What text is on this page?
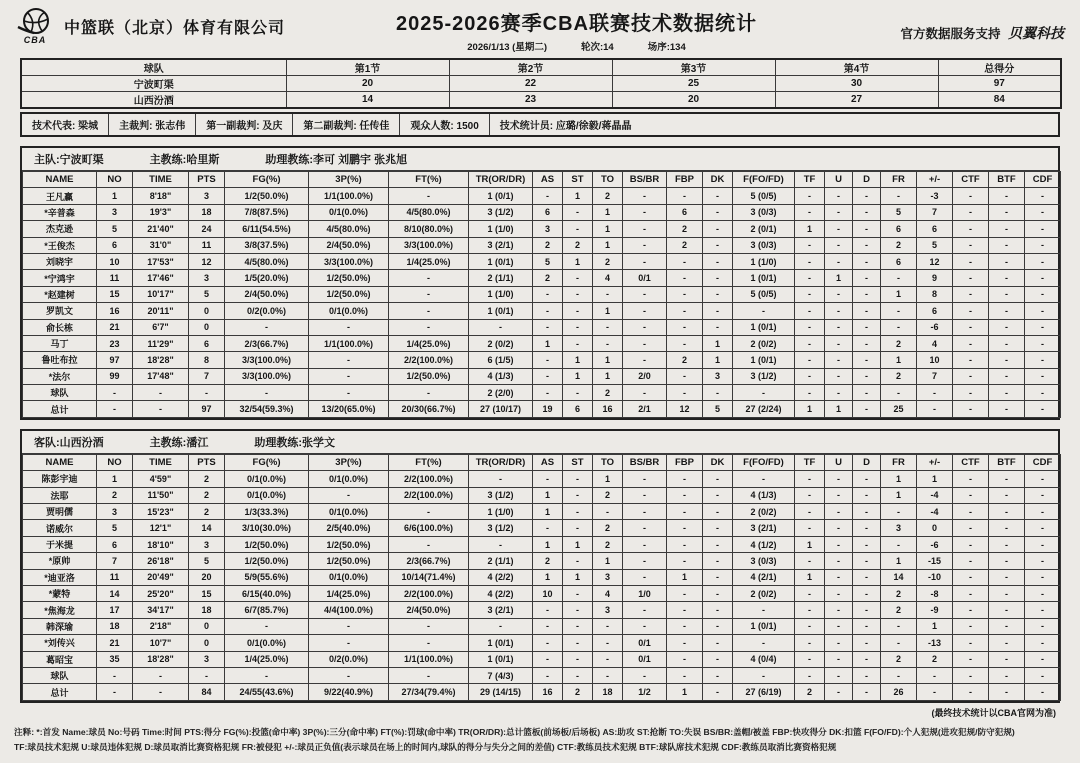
CBA
中篮联（北京）体育有限公司	2025-2026赛季CBA联赛技术数据统计
2026/1/13 (星期二)	轮次:14	场序:134
官方数据服务支持 贝翼科技
球队	第1节	第2节	第3节	第4节	总得分
宁波町渠	20	22	25	30	97
山西汾酒	14	23	20	27	84
技术代表: 梁城	主裁判: 张志伟	第一副裁判: 及庆	第二副裁判: 任传佳	观众人数: 1500	技术统计员: 应璐/徐毅/蒋晶晶
主队:宁波町渠	主教练:哈里斯	助理教练:李可 刘鹏宇 张兆旭
NAME	NO	TIME	PTS	FG(%)	3P(%)	FT(%)	TR(OR/DR)	AS	ST	TO	BS/BR	FBP	DK	F(FO/FD)	TF	U	D	FR	+/-	CTF	BTF	CDF
王凡赢	1	8'18"	3	1/2(50.0%)	1/1(100.0%)	-	1 (0/1)	-	1	2	-	-	-	5 (0/5)	-	-	-	-	-3	-	-	-
*辛普森	3	19'3"	18	7/8(87.5%)	0/1(0.0%)	4/5(80.0%)	3 (1/2)	6	-	1	-	6	-	3 (0/3)	-	-	-	5	7	-	-	-
杰克逊	5	21'40"	24	6/11(54.5%)	4/5(80.0%)	8/10(80.0%)	1 (1/0)	3	-	1	-	2	-	2 (0/1)	1	-	-	6	6	-	-	-
*王俊杰	6	31'0"	11	3/8(37.5%)	2/4(50.0%)	3/3(100.0%)	3 (2/1)	2	2	1	-	2	-	3 (0/3)	-	-	-	2	5	-	-	-
刘晓宇	10	17'53"	12	4/5(80.0%)	3/3(100.0%)	1/4(25.0%)	1 (0/1)	5	1	2	-	-	-	1 (1/0)	-	-	-	6	12	-	-	-
*宁鸿宇	11	17'46"	3	1/5(20.0%)	1/2(50.0%)	-	2 (1/1)	2	-	4	0/1	-	-	1 (0/1)	-	1	-	-	9	-	-	-
*赵建树	15	10'17"	5	2/4(50.0%)	1/2(50.0%)	-	1 (1/0)	-	-	-	-	-	-	5 (0/5)	-	-	-	1	8	-	-	-
罗凯文	16	20'11"	0	0/2(0.0%)	0/1(0.0%)	-	1 (0/1)	-	-	1	-	-	-	-	-	-	-	-	6	-	-	-
俞长栋	21	6'7"	0	-	-	-	-	-	-	-	-	-	-	1 (0/1)	-	-	-	-	-6	-	-	-
马丁	23	11'29"	6	2/3(66.7%)	1/1(100.0%)	1/4(25.0%)	2 (0/2)	1	-	-	-	-	1	2 (0/2)	-	-	-	2	4	-	-	-
鲁吐布拉	97	18'28"	8	3/3(100.0%)	-	2/2(100.0%)	6 (1/5)	-	1	1	-	2	1	1 (0/1)	-	-	-	1	10	-	-	-
*法尔	99	17'48"	7	3/3(100.0%)	-	1/2(50.0%)	4 (1/3)	-	1	1	2/0	-	3	3 (1/2)	-	-	-	2	7	-	-	-
球队	-	-	-	-	-	-	2 (2/0)	-	-	2	-	-	-	-	-	-	-	-	-	-	-	-
总计	-	-	97	32/54(59.3%)	13/20(65.0%)	20/30(66.7%)	27 (10/17)	19	6	16	2/1	12	5	27 (2/24)	1	1	-	25	-	-	-	-
客队:山西汾酒	主教练:潘江	助理教练:张学文
NAME	NO	TIME	PTS	FG(%)	3P(%)	FT(%)	TR(OR/DR)	AS	ST	TO	BS/BR	FBP	DK	F(FO/FD)	TF	U	D	FR	+/-	CTF	BTF	CDF
陈彭宇迪	1	4'59"	2	0/1(0.0%)	0/1(0.0%)	2/2(100.0%)	-	-	-	1	-	-	-	-	-	-	-	1	1	-	-	-
法耶	2	11'50"	2	0/1(0.0%)	-	2/2(100.0%)	3 (1/2)	1	-	2	-	-	-	4 (1/3)	-	-	-	1	-4	-	-	-
贾明儒	3	15'23"	2	1/3(33.3%)	0/1(0.0%)	-	1 (1/0)	1	-	-	-	-	-	2 (0/2)	-	-	-	-	-4	-	-	-
诺威尔	5	12'1"	14	3/10(30.0%)	2/5(40.0%)	6/6(100.0%)	3 (1/2)	-	-	2	-	-	-	3 (2/1)	-	-	-	3	0	-	-	-
于米提	6	18'10"	3	1/2(50.0%)	1/2(50.0%)	-	-	1	1	2	-	-	-	4 (1/2)	1	-	-	-	-6	-	-	-
*原帅	7	26'18"	5	1/2(50.0%)	1/2(50.0%)	2/3(66.7%)	2 (1/1)	2	-	1	-	-	-	3 (0/3)	-	-	-	1	-15	-	-	-
*迪亚洛	11	20'49"	20	5/9(55.6%)	0/1(0.0%)	10/14(71.4%)	4 (2/2)	1	1	3	-	1	-	4 (2/1)	1	-	-	14	-10	-	-	-
*蒙特	14	25'20"	15	6/15(40.0%)	1/4(25.0%)	2/2(100.0%)	4 (2/2)	10	-	4	1/0	-	-	2 (0/2)	-	-	-	2	-8	-	-	-
*焦海龙	17	34'17"	18	6/7(85.7%)	4/4(100.0%)	2/4(50.0%)	3 (2/1)	-	-	3	-	-	-	-	-	-	-	2	-9	-	-	-
韩深瑜	18	2'18"	0	-	-	-	-	-	-	-	-	-	-	1 (0/1)	-	-	-	-	1	-	-	-
*刘传兴	21	10'7"	0	0/1(0.0%)	-	-	1 (0/1)	-	-	-	0/1	-	-	-	-	-	-	-	-13	-	-	-
葛昭宝	35	18'28"	3	1/4(25.0%)	0/2(0.0%)	1/1(100.0%)	1 (0/1)	-	-	-	0/1	-	-	4 (0/4)	-	-	-	2	2	-	-	-
球队	-	-	-	-	-	-	7 (4/3)	-	-	-	-	-	-	-	-	-	-	-	-	-	-	-
总计	-	-	84	24/55(43.6%)	9/22(40.9%)	27/34(79.4%)	29 (14/15)	16	2	18	1/2	1	-	27 (6/19)	2	-	-	26	-	-	-	-
(最终技术统计以CBA官网为准)
注释: *:首发 Name:球员 No:号码 Time:时间 PTS:得分 FG(%):投篮(命中率) 3P(%):三分(命中率) FT(%):罚球(命中率) TR(OR/DR):总计篮板(前场板/后场板) AS:助攻 ST:抢断 TO:失误 BS/BR:盖帽/被盖 FBP:快攻得分 DK:扣篮 F(FO/FD):个人犯规(进攻犯规/防守犯规)
TF:球员技术犯规 U:球员违体犯规 D:球员取消比赛资格犯规 FR:被侵犯 +/-:球员正负值(表示球员在场上的时间内,球队的得分与失分之间的差值) CTF:教练员技术犯规 BTF:球队席技术犯规 CDF:教练员取消比赛资格犯规
